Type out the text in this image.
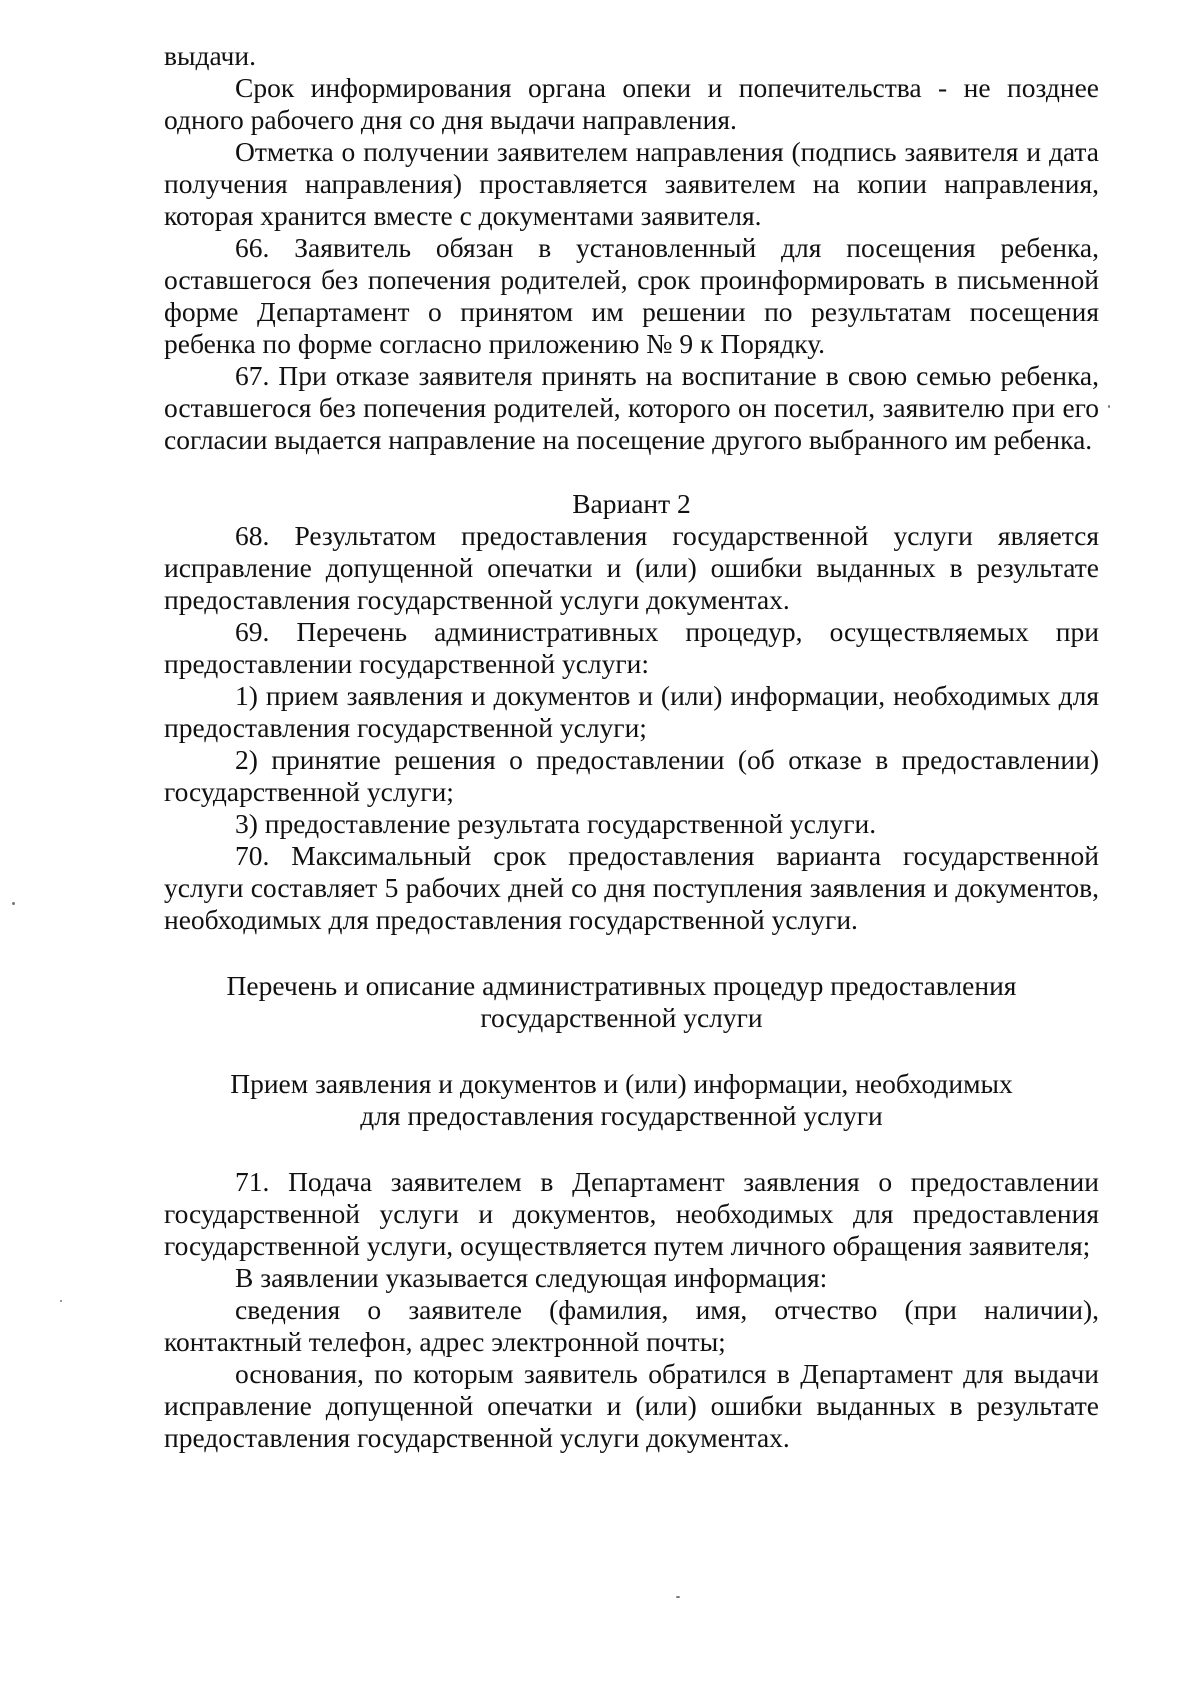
выдачи.

Срок информирования органа опеки и попечительства - не позднее одного рабочего дня со дня выдачи направления.

Отметка о получении заявителем направления (подпись заявителя и дата получения направления) проставляется заявителем на копии направления, которая хранится вместе с документами заявителя.

66. Заявитель обязан в установленный для посещения ребенка, оставшегося без попечения родителей, срок проинформировать в письменной форме Департамент о принятом им решении по результатам посещения ребенка по форме согласно приложению № 9 к Порядку.

67. При отказе заявителя принять на воспитание в свою семью ребенка, оставшегося без попечения родителей, которого он посетил, заявителю при его согласии выдается направление на посещение другого выбранного им ребенка.

Вариант 2

68. Результатом предоставления государственной услуги является исправление допущенной опечатки и (или) ошибки выданных в результате предоставления государственной услуги документах.

69. Перечень административных процедур, осуществляемых при предоставлении государственной услуги:

1) прием заявления и документов и (или) информации, необходимых для предоставления государственной услуги;

2) принятие решения о предоставлении (об отказе в предоставлении) государственной услуги;

3) предоставление результата государственной услуги.

70. Максимальный срок предоставления варианта государственной услуги составляет 5 рабочих дней со дня поступления заявления и документов, необходимых для предоставления государственной услуги.

Перечень и описание административных процедур предоставления

государственной услуги

Прием заявления и документов и (или) информации, необходимых

для предоставления государственной услуги

71. Подача заявителем в Департамент заявления о предоставлении государственной услуги и документов, необходимых для предоставления государственной услуги, осуществляется путем личного обращения заявителя;

В заявлении указывается следующая информация:

сведения о заявителе (фамилия, имя, отчество (при наличии), контактный телефон, адрес электронной почты;

основания, по которым заявитель обратился в Департамент для выдачи исправление допущенной опечатки и (или) ошибки выданных в результате предоставления государственной услуги документах.
